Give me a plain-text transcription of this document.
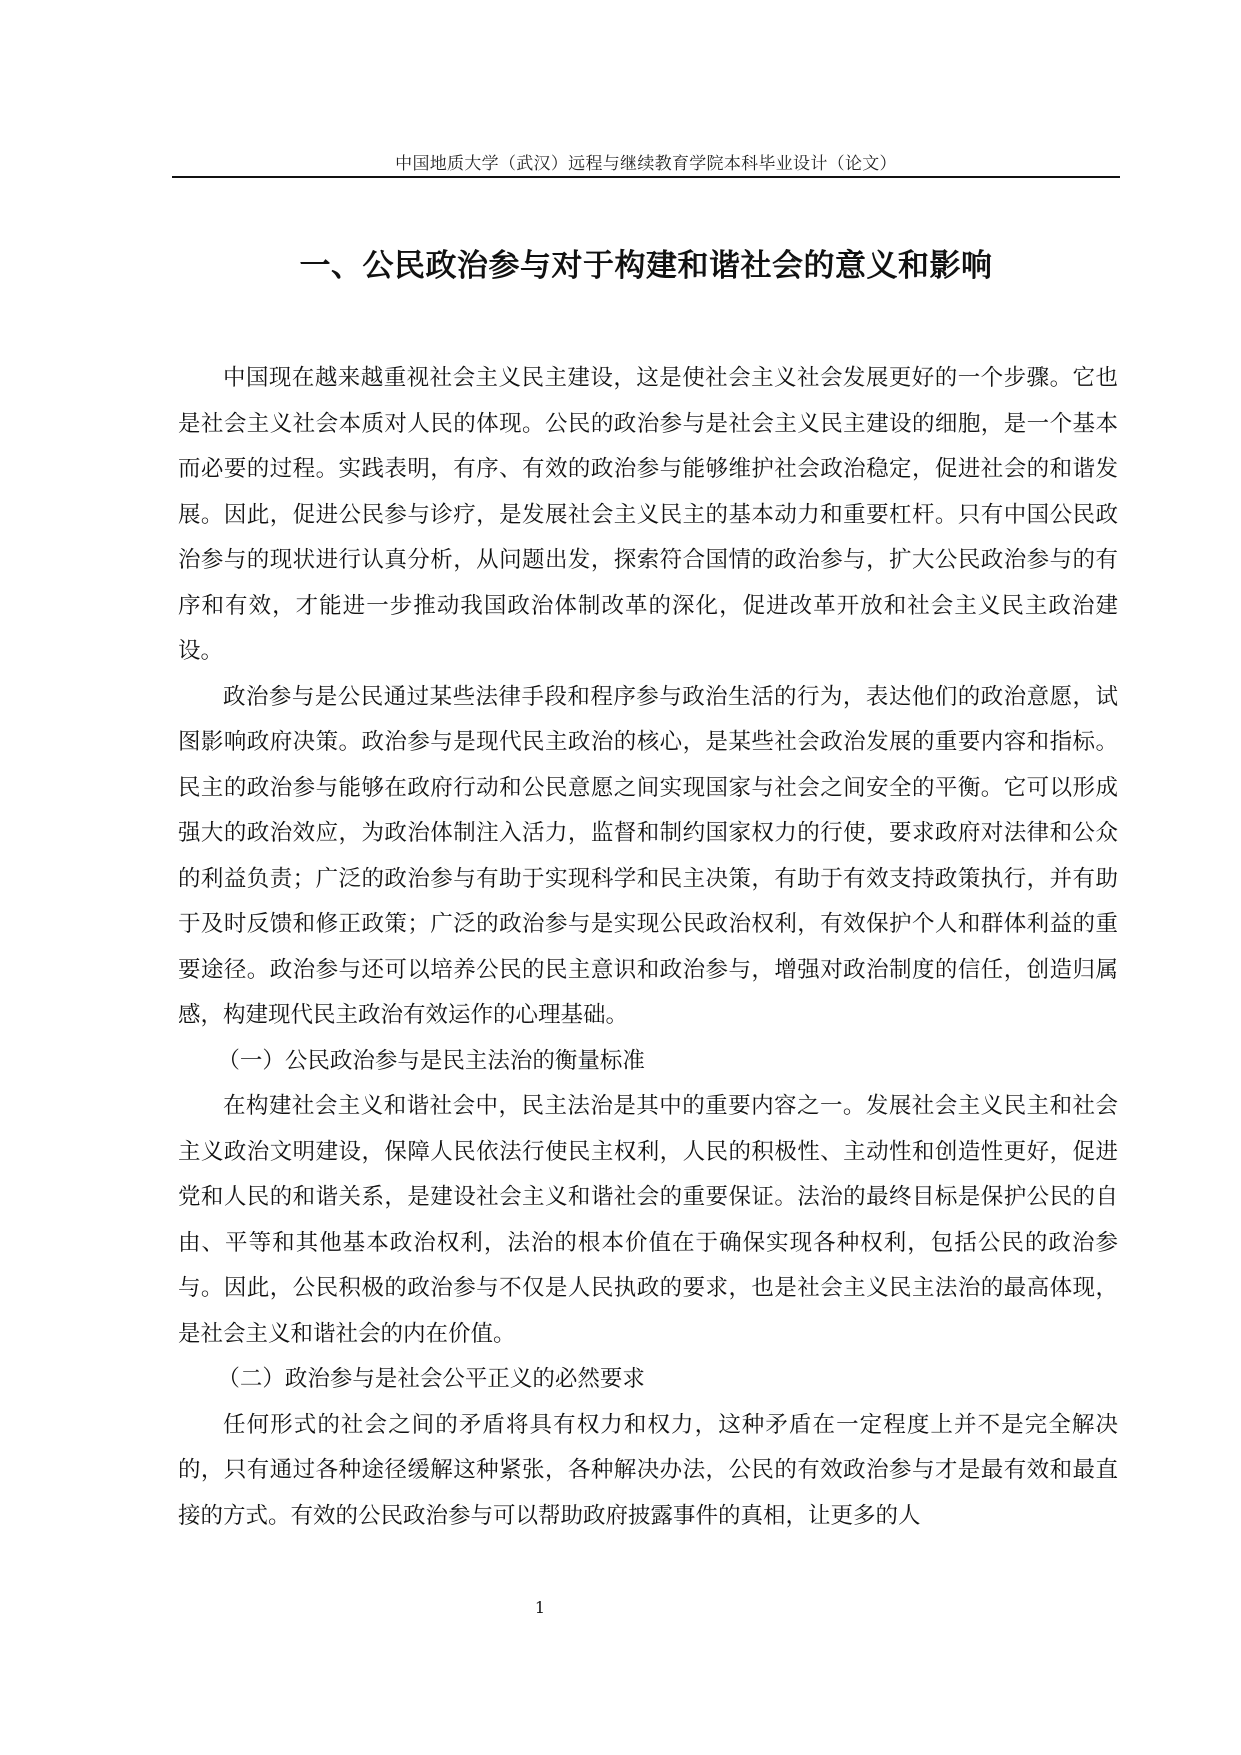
中国地质大学（武汉）远程与继续教育学院本科毕业设计（论文）
一、公民政治参与对于构建和谐社会的意义和影响

中国现在越来越重视社会主义民主建设，这是使社会主义社会发展更好的一个步骤。它也是社会主义社会本质对人民的体现。公民的政治参与是社会主义民主建设的细胞，是一个基本而必要的过程。实践表明，有序、有效的政治参与能够维护社会政治稳定，促进社会的和谐发展。因此，促进公民参与诊疗，是发展社会主义民主的基本动力和重要杠杆。只有中国公民政治参与的现状进行认真分析，从问题出发，探索符合国情的政治参与，扩大公民政治参与的有序和有效，才能进一步推动我国政治体制改革的深化，促进改革开放和社会主义民主政治建设。

政治参与是公民通过某些法律手段和程序参与政治生活的行为，表达他们的政治意愿，试图影响政府决策。政治参与是现代民主政治的核心，是某些社会政治发展的重要内容和指标。民主的政治参与能够在政府行动和公民意愿之间实现国家与社会之间安全的平衡。它可以形成强大的政治效应，为政治体制注入活力，监督和制约国家权力的行使，要求政府对法律和公众的利益负责；广泛的政治参与有助于实现科学和民主决策，有助于有效支持政策执行，并有助于及时反馈和修正政策；广泛的政治参与是实现公民政治权利，有效保护个人和群体利益的重要途径。政治参与还可以培养公民的民主意识和政治参与，增强对政治制度的信任，创造归属感，构建现代民主政治有效运作的心理基础。

（一）公民政治参与是民主法治的衡量标准

在构建社会主义和谐社会中，民主法治是其中的重要内容之一。发展社会主义民主和社会主义政治文明建设，保障人民依法行使民主权利，人民的积极性、主动性和创造性更好，促进党和人民的和谐关系，是建设社会主义和谐社会的重要保证。法治的最终目标是保护公民的自由、平等和其他基本政治权利，法治的根本价值在于确保实现各种权利，包括公民的政治参与。因此，公民积极的政治参与不仅是人民执政的要求，也是社会主义民主法治的最高体现，是社会主义和谐社会的内在价值。

（二）政治参与是社会公平正义的必然要求

任何形式的社会之间的矛盾将具有权力和权力，这种矛盾在一定程度上并不是完全解决的，只有通过各种途径缓解这种紧张，各种解决办法，公民的有效政治参与才是最有效和最直接的方式。有效的公民政治参与可以帮助政府披露事件的真相，让更多的人

1
